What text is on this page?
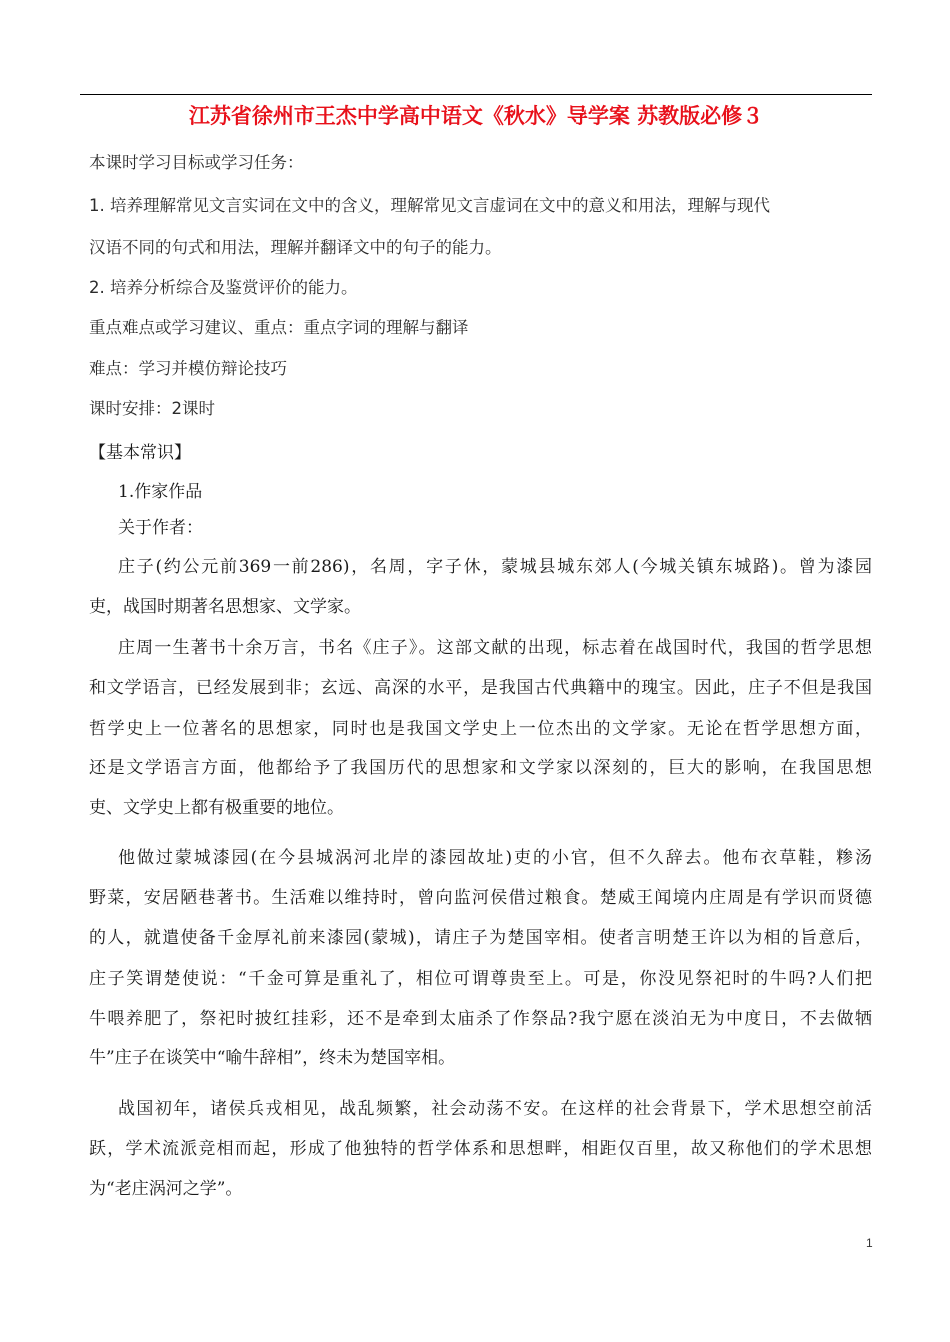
江苏省徐州市王杰中学高中语文《秋水》导学案 苏教版必修３
本课时学习目标或学习任务：
1. 培养理解常见文言实词在文中的含义，理解常见文言虚词在文中的意义和用法，理解与现代
汉语不同的句式和用法，理解并翻译文中的句子的能力。
2. 培养分析综合及鉴赏评价的能力。
重点难点或学习建议、重点：重点字词的理解与翻译
难点：学习并模仿辩论技巧
课时安排：2课时
【基本常识】
1.作家作品
关于作者：
庄子(约公元前369一前286)，名周，字子休，蒙城县城东郊人(今城关镇东城路)。曾为漆园
吏，战国时期著名思想家、文学家。
庄周一生著书十余万言，书名《庄子》。这部文献的出现，标志着在战国时代，我国的哲学思想
和文学语言，已经发展到非；玄远、高深的水平，是我国古代典籍中的瑰宝。因此，庄子不但是我国
哲学史上一位著名的思想家，同时也是我国文学史上一位杰出的文学家。无论在哲学思想方面，
还是文学语言方面，他都给予了我国历代的思想家和文学家以深刻的，巨大的影响，在我国思想
吏、文学史上都有极重要的地位。
他做过蒙城漆园(在今县城涡河北岸的漆园故址)吏的小官，但不久辞去。他布衣草鞋，糁汤
野菜，安居陋巷著书。生活难以维持时，曾向监河侯借过粮食。楚威王闻境内庄周是有学识而贤德
的人，就遣使备千金厚礼前来漆园(蒙城)，请庄子为楚国宰相。使者言明楚王许以为相的旨意后，
庄子笑谓楚使说：“千金可算是重礼了，相位可谓尊贵至上。可是，你没见祭祀时的牛吗?人们把
牛喂养肥了，祭祀时披红挂彩，还不是牵到太庙杀了作祭品?我宁愿在淡泊无为中度日，不去做牺
牛”庄子在谈笑中“喻牛辞相”，终未为楚国宰相。
战国初年，诸侯兵戎相见，战乱频繁，社会动荡不安。在这样的社会背景下，学术思想空前活
跃，学术流派竞相而起，形成了他独特的哲学体系和思想畔，相距仅百里，故又称他们的学术思想
为“老庄涡河之学”。
1
